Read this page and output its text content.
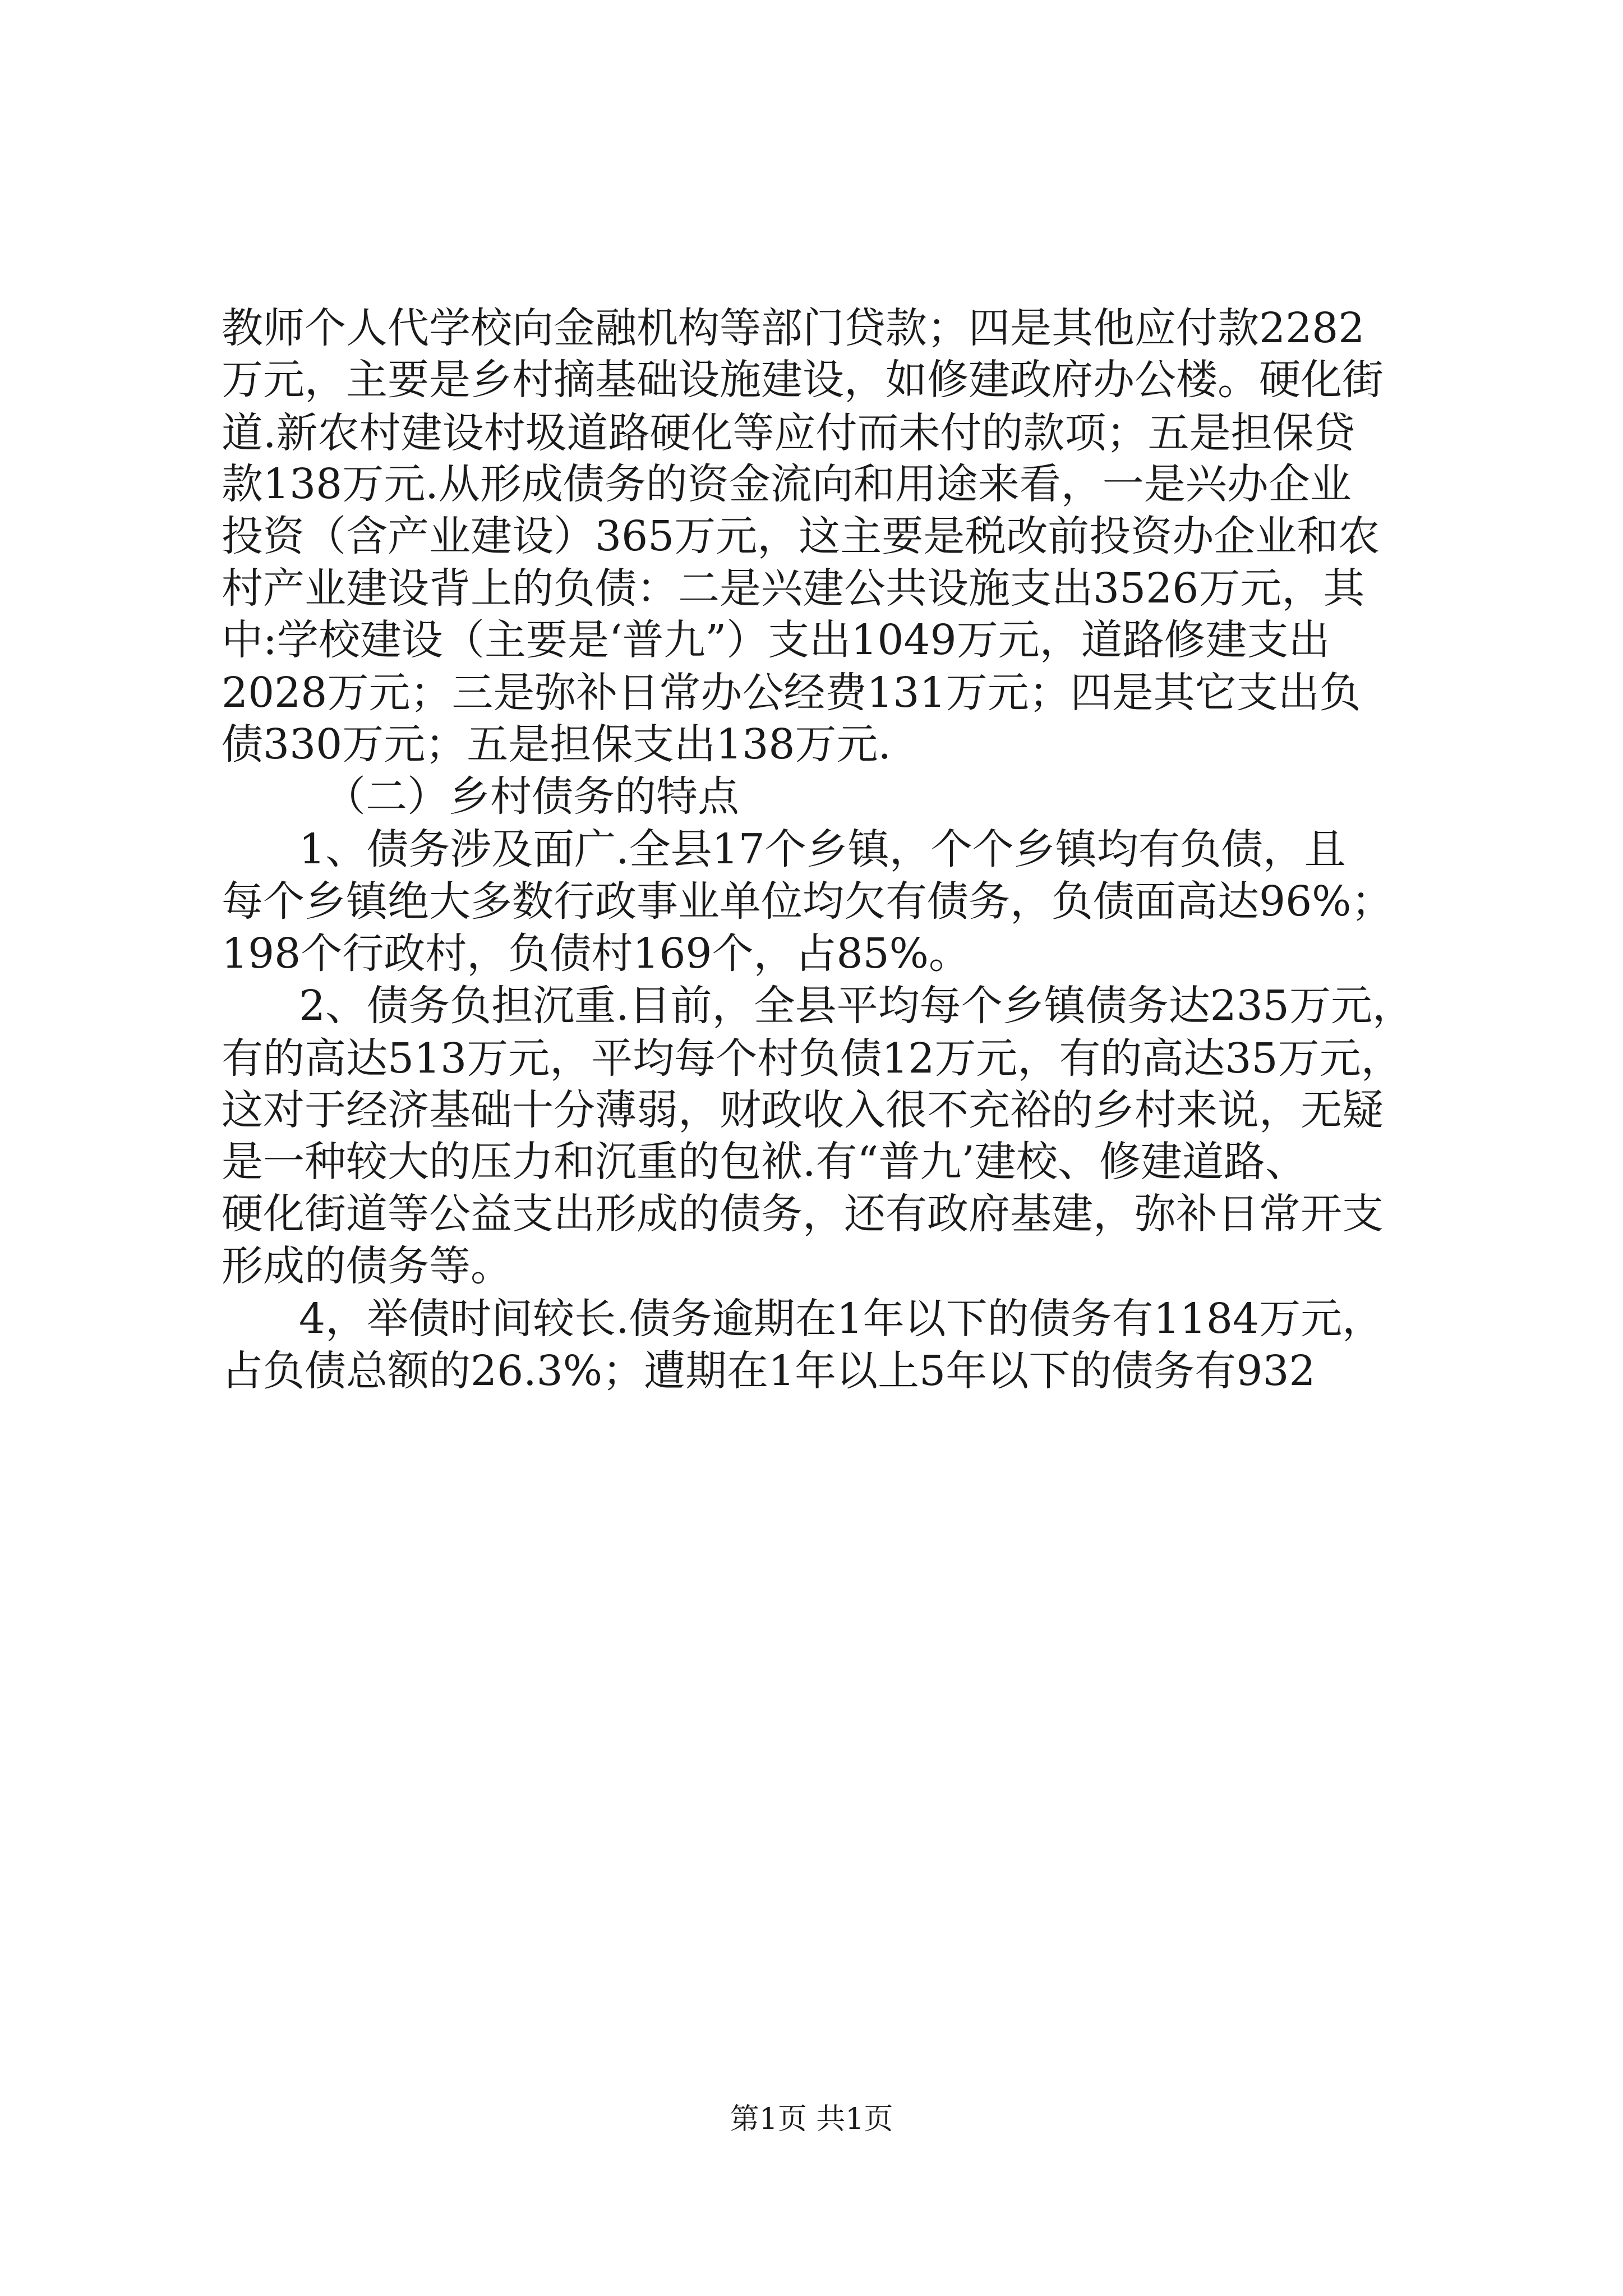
教师个人代学校向金融机构等部门贷款；四是其他应付款2282
万元，主要是乡村摘基础设施建设，如修建政府办公楼。硬化街
道.新农村建设村圾道路硬化等应付而未付的款项；五是担保贷
款138万元.从形成债务的资金流向和用途来看，一是兴办企业
投资（含产业建设）365万元，这主要是税改前投资办企业和农
村产业建设背上的负债：二是兴建公共设施支出3526万元，其
中:学校建设（主要是‘普九”）支出1049万元，道路修建支出
2028万元；三是弥补日常办公经费131万元；四是其它支出负
债330万元；五是担保支出138万元.
（二）乡村债务的特点
1、债务涉及面广.全县17个乡镇，个个乡镇均有负债，且
每个乡镇绝大多数行政事业单位均欠有债务，负债面高达96%；
198个行政村，负债村169个，占85%。
2、债务负担沉重.目前，全县平均每个乡镇债务达235万元，
有的高达513万元，平均每个村负债12万元，有的高达35万元，
这对于经济基础十分薄弱，财政收入很不充裕的乡村来说，无疑
是一种较大的压力和沉重的包袱.有“普九’建校、修建道路、
硬化街道等公益支出形成的债务，还有政府基建，弥补日常开支
形成的债务等。
4，举债时间较长.债务逾期在1年以下的债务有1184万元，
占负债总额的26.3%；遭期在1年以上5年以下的债务有932
第1页 共1页
